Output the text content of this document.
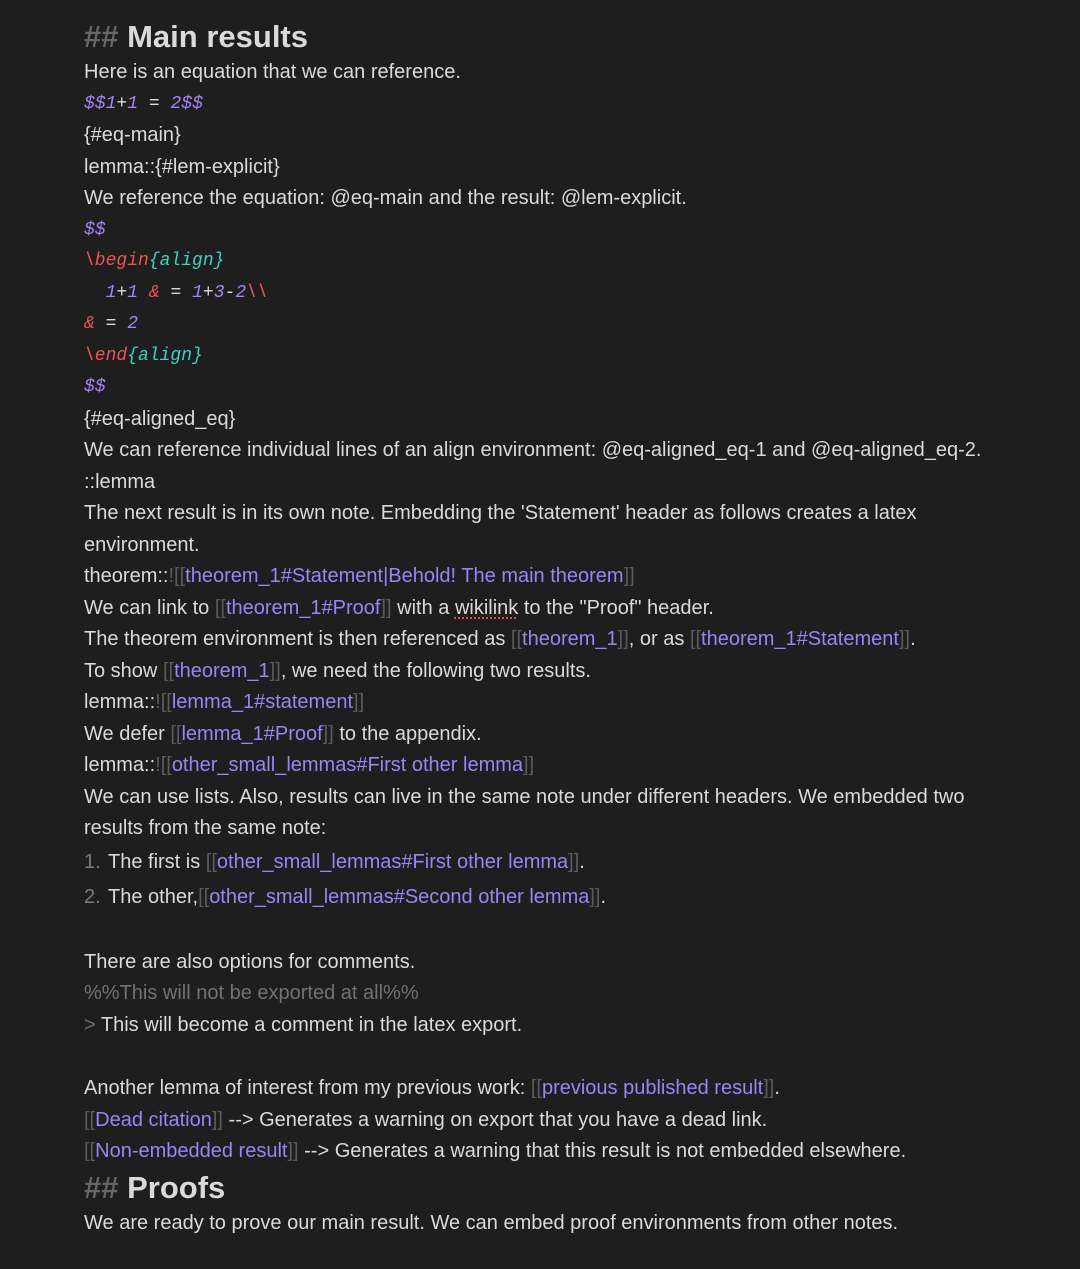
## Main results
Here is an equation that we can reference.
$$1+1 = 2$$
{#eq-main}
lemma::{#lem-explicit}
We reference the equation: @eq-main and the result: @lem-explicit.
$$
\begin{align}
1+1 & = 1+3-2\\
& = 2
\end{align}
$$
{#eq-aligned_eq}
We can reference individual lines of an align environment: @eq-aligned_eq-1 and @eq-aligned_eq-2.
::lemma
The next result is in its own note. Embedding the 'Statement' header as follows creates a latex environment.
theorem::![[theorem_1#Statement|Behold! The main theorem]]
We can link to [[theorem_1#Proof]] with a wikilink to the "Proof" header.
The theorem environment is then referenced as [[theorem_1]], or as [[theorem_1#Statement]].
To show [[theorem_1]], we need the following two results.
lemma::![[lemma_1#statement]]
We defer [[lemma_1#Proof]] to the appendix.
lemma::![[other_small_lemmas#First other lemma]]
We can use lists. Also, results can live in the same note under different headers. We embedded two results from the same note:
1. The first is [[other_small_lemmas#First other lemma]].
2. The other,[[other_small_lemmas#Second other lemma]].
There are also options for comments.
%%This will not be exported at all%%
> This will become a comment in the latex export.
Another lemma of interest from my previous work: [[previous published result]].
[[Dead citation]] --> Generates a warning on export that you have a dead link.
[[Non-embedded result]] --> Generates a warning that this result is not embedded elsewhere.
## Proofs
We are ready to prove our main result. We can embed proof environments from other notes.
